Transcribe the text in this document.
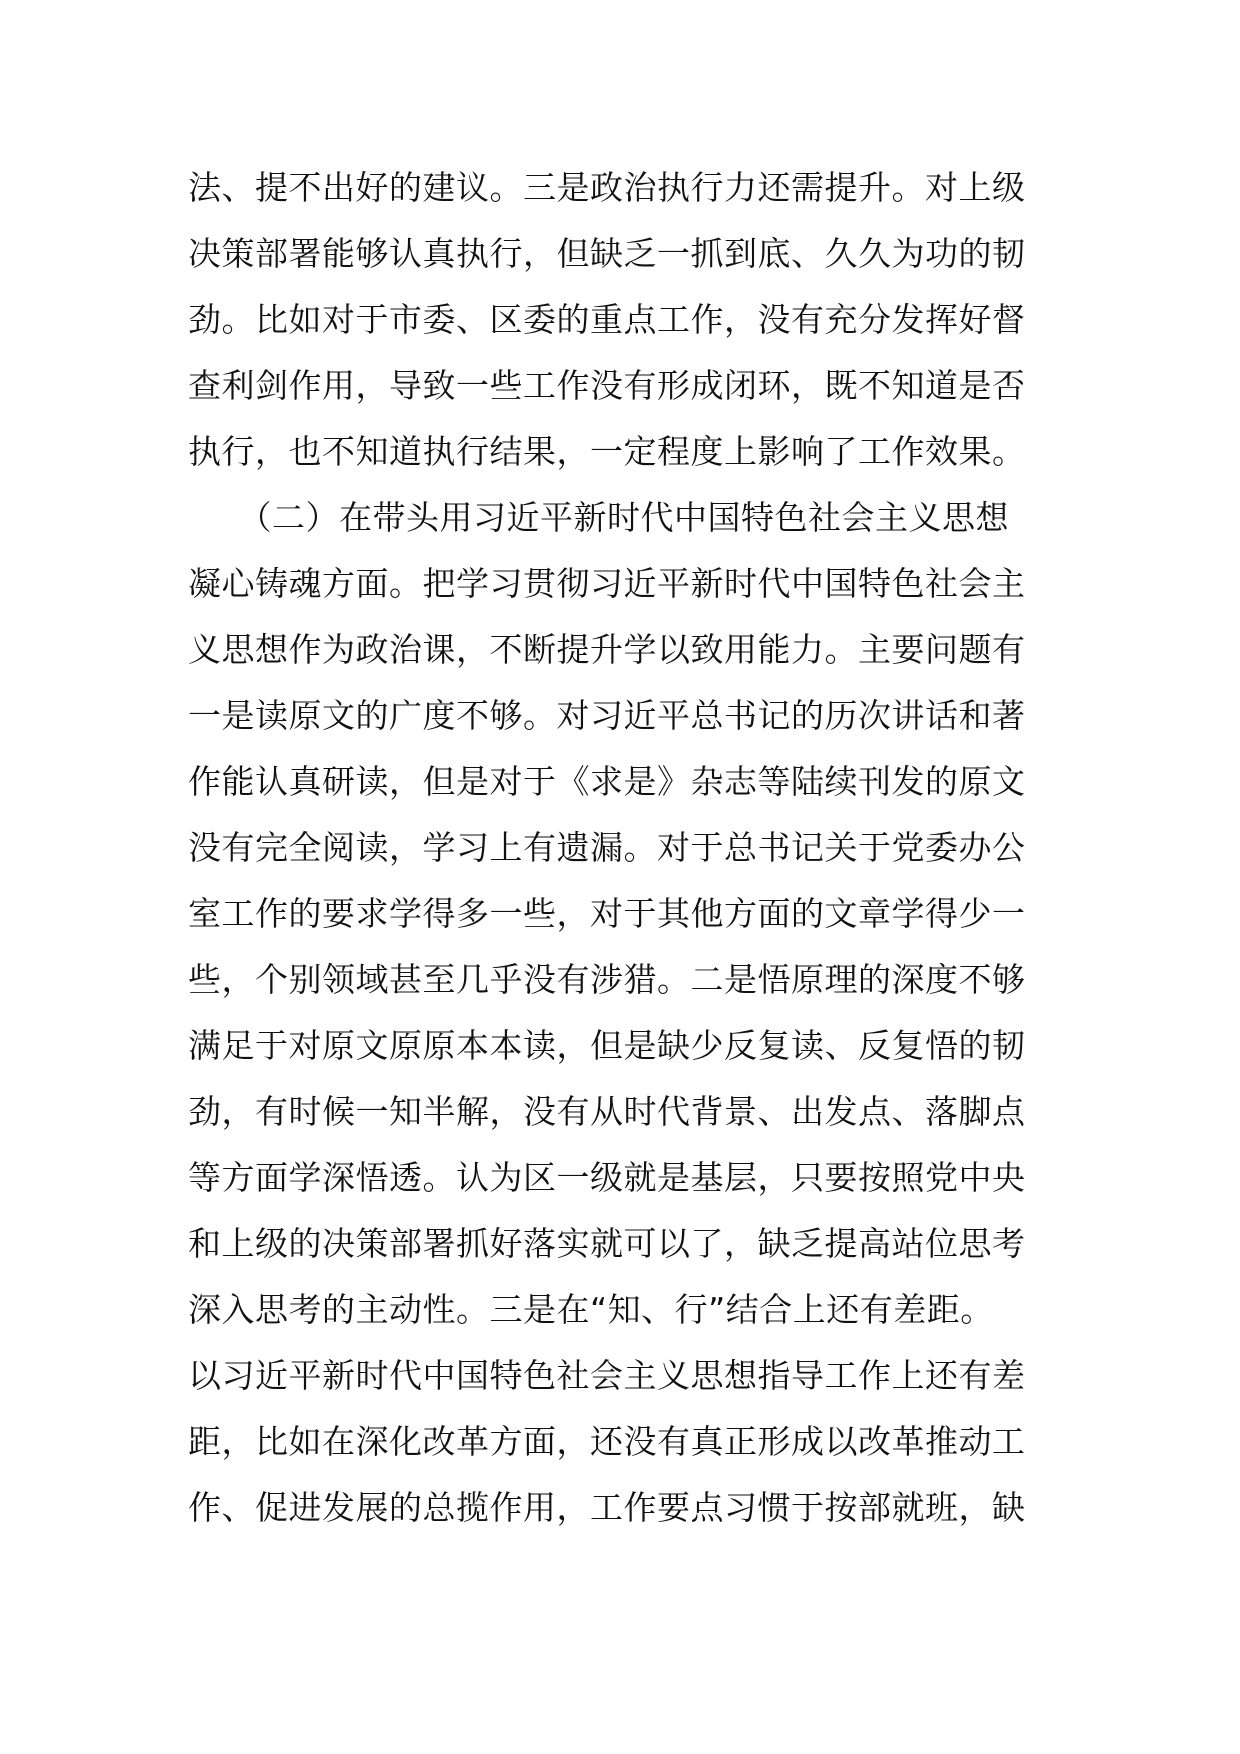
法、提不出好的建议。三是政治执行力还需提升。对上级
决策部署能够认真执行，但缺乏一抓到底、久久为功的韧
劲。比如对于市委、区委的重点工作，没有充分发挥好督
查利剑作用，导致一些工作没有形成闭环，既不知道是否
执行，也不知道执行结果，一定程度上影响了工作效果。
　　（二）在带头用习近平新时代中国特色社会主义思想
凝心铸魂方面。把学习贯彻习近平新时代中国特色社会主
义思想作为政治课，不断提升学以致用能力。主要问题有
一是读原文的广度不够。对习近平总书记的历次讲话和著
作能认真研读，但是对于《求是》杂志等陆续刊发的原文
没有完全阅读，学习上有遗漏。对于总书记关于党委办公
室工作的要求学得多一些，对于其他方面的文章学得少一
些，个别领域甚至几乎没有涉猎。二是悟原理的深度不够
满足于对原文原原本本读，但是缺少反复读、反复悟的韧
劲，有时候一知半解，没有从时代背景、出发点、落脚点
等方面学深悟透。认为区一级就是基层，只要按照党中央
和上级的决策部署抓好落实就可以了，缺乏提高站位思考
深入思考的主动性。三是在“知、行”结合上还有差距。
以习近平新时代中国特色社会主义思想指导工作上还有差
距，比如在深化改革方面，还没有真正形成以改革推动工
作、促进发展的总揽作用，工作要点习惯于按部就班，缺
